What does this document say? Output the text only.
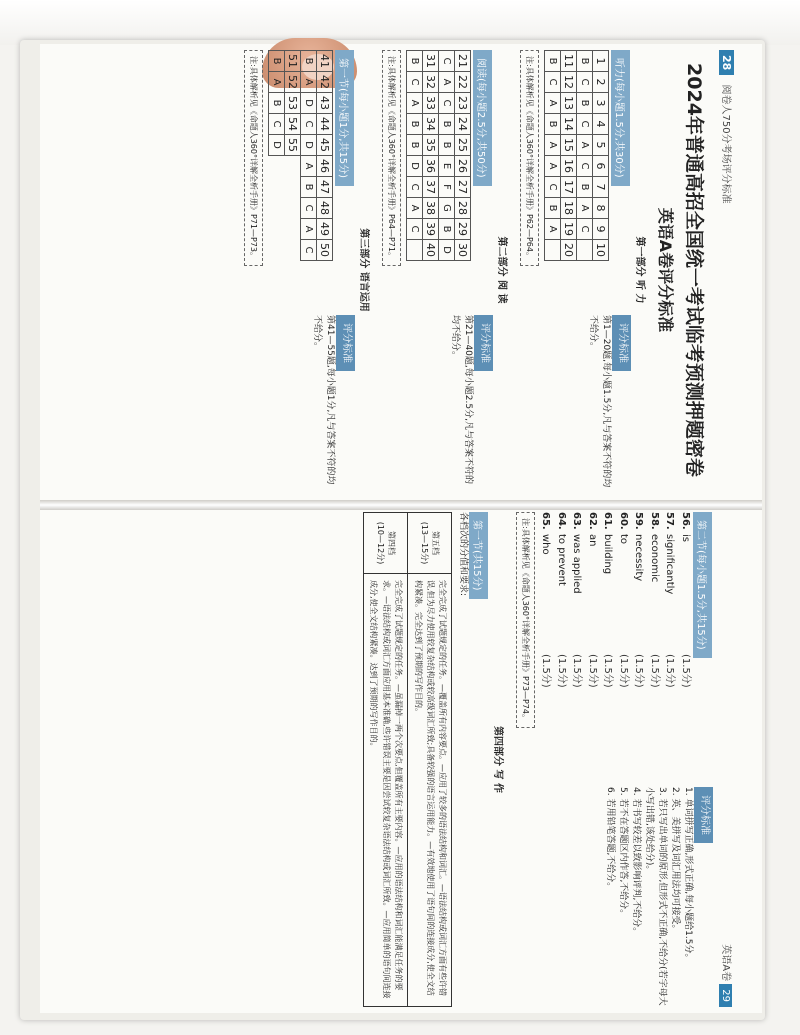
28 阅卷人750分考场评分标准
2024年普通高招全国统一考试临考预测押题密卷
英语A卷评分标准
第一部分 听 力
听力(每小题1.5分,共30分)
1	2	3	4	5	6	7	8	9	10
B	C	B	C	A	C	B	A	C	
11	12	13	14	15	16	17	18	19	20
B	C	A	B	A	A	C	B	A	
注:具体解析见《命题人360°详解全析手册》P62—P64。
评分标准
第1—20题,每小题1.5分,凡与答案不符的均不给分。
第二部分 阅 读
阅读(每小题2.5分,共50分)
21	22	23	24	25	26	27	28	29	30
C	A	C	B	B	E	F	G	B	D
31	32	33	34	35	36	37	38	39	40
B	C	A	B	B	D	C	A	C	
注:具体解析见《命题人360°详解全析手册》P64—P71。
评分标准
第21—40题,每小题2.5分,凡与答案不符的均不给分。
第三部分 语言运用
第一节(每小题1分,共15分)
41	42	43	44	45	46	47	48	49	50
B	A	D	C	D	A	B	C	A	C
51	52	53	54	55					
B	A	B	C	D					
注:具体解析见《命题人360°详解全析手册》P71—P73。
评分标准
第41—55题,每小题1分,凡与答案不符的均不给分。
英语A卷 29
第二节(每小题1.5分,共15分)
56.
is
(1.5分)
57.
significantly
(1.5分)
58.
economic
(1.5分)
59.
necessity
(1.5分)
60.
to
(1.5分)
61.
building
(1.5分)
62.
an
(1.5分)
63.
was applied
(1.5分)
64.
to prevent
(1.5分)
65.
who
(1.5分)
注:具体解析见《命题人360°详解全析手册》P73—P74。
评分标准
1. 单词拼写正确,形式正确,每小题给1.5分。
2. 英、美拼写及词汇用法均可接受。
3. 若只写出单词的原形,但形式不正确,不给分(若字母大小写出错,该处给分)。
4. 若书写较差以致影响评判,不给分。
5. 若不在答题区内作答,不给分。
6. 若用铅笔答题,不给分。
第四部分 写 作
第一节(共15分)
各档次的分值和要求:
第五档
(13—15分)
完全完成了试题规定的任务。—覆盖所有内容要点。—应用了较多的语法结构和词汇。—语法结构或词汇方面有些许错误,但为尽力使用较复杂结构或较高级词汇所致;具备较强的语言运用能力。—有效地使用了语句间的连接成分,使全文结构紧凑。完全达到了预期的写作目的。
第四档
(10—12分)
完全完成了试题规定的任务。—虽漏掉一两个次要点,但覆盖所有主要内容。—应用的语法结构和词汇能满足任务的要求。—语法结构或词汇方面应用基本准确,些许错误主要是因尝试较复杂语法结构或词汇所致。—应用简单的语句间连接成分,使全文结构紧凑。达到了预期的写作目的。
